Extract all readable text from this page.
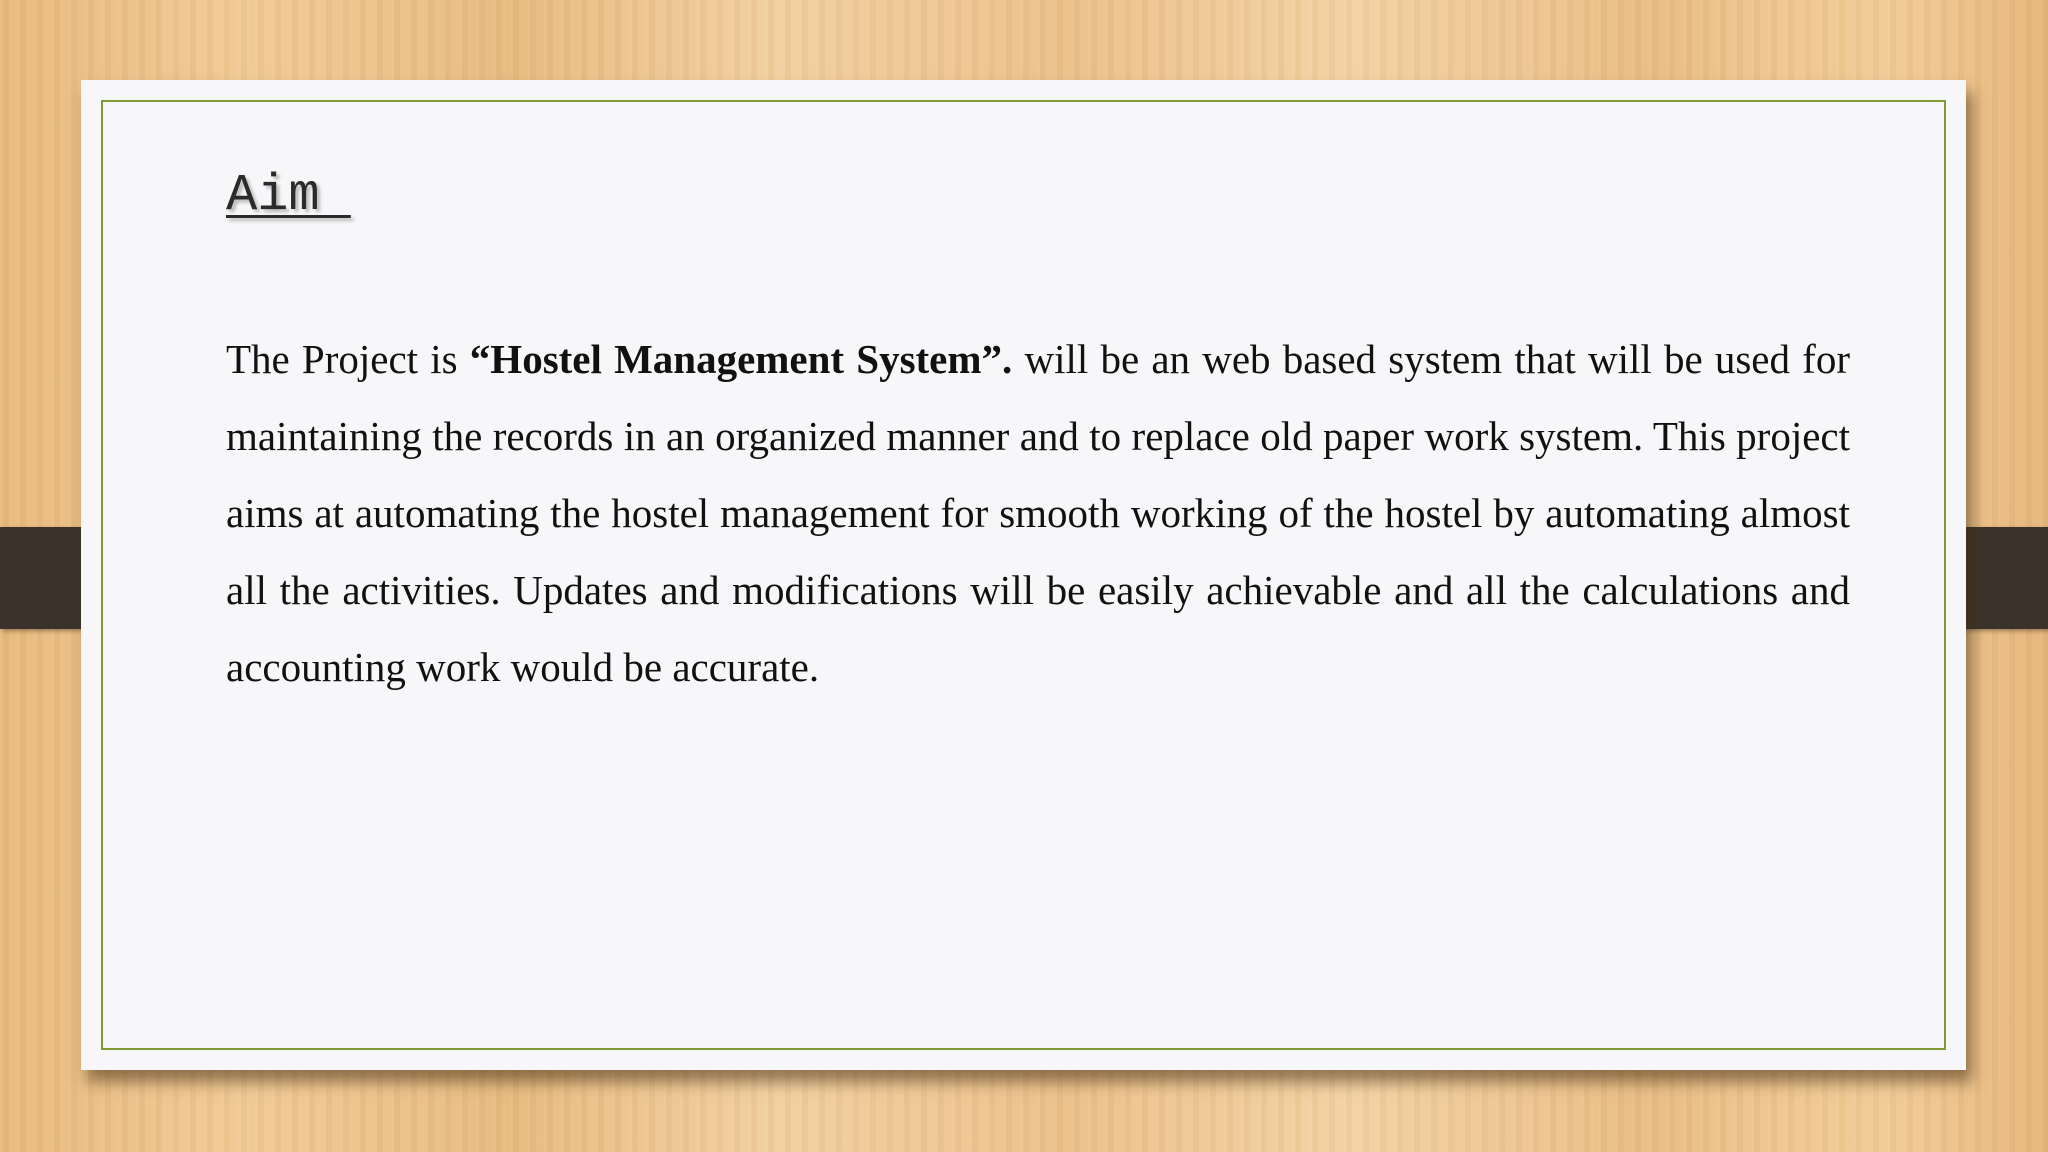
Aim

The Project is “Hostel Management System”. will be an web based system that will be used for maintaining the records in an organized manner and to replace old paper work system. This project aims at automating the hostel management for smooth working of the hostel by automating almost all the activities. Updates and modifications will be easily achievable and all the calculations and accounting work would be accurate.
